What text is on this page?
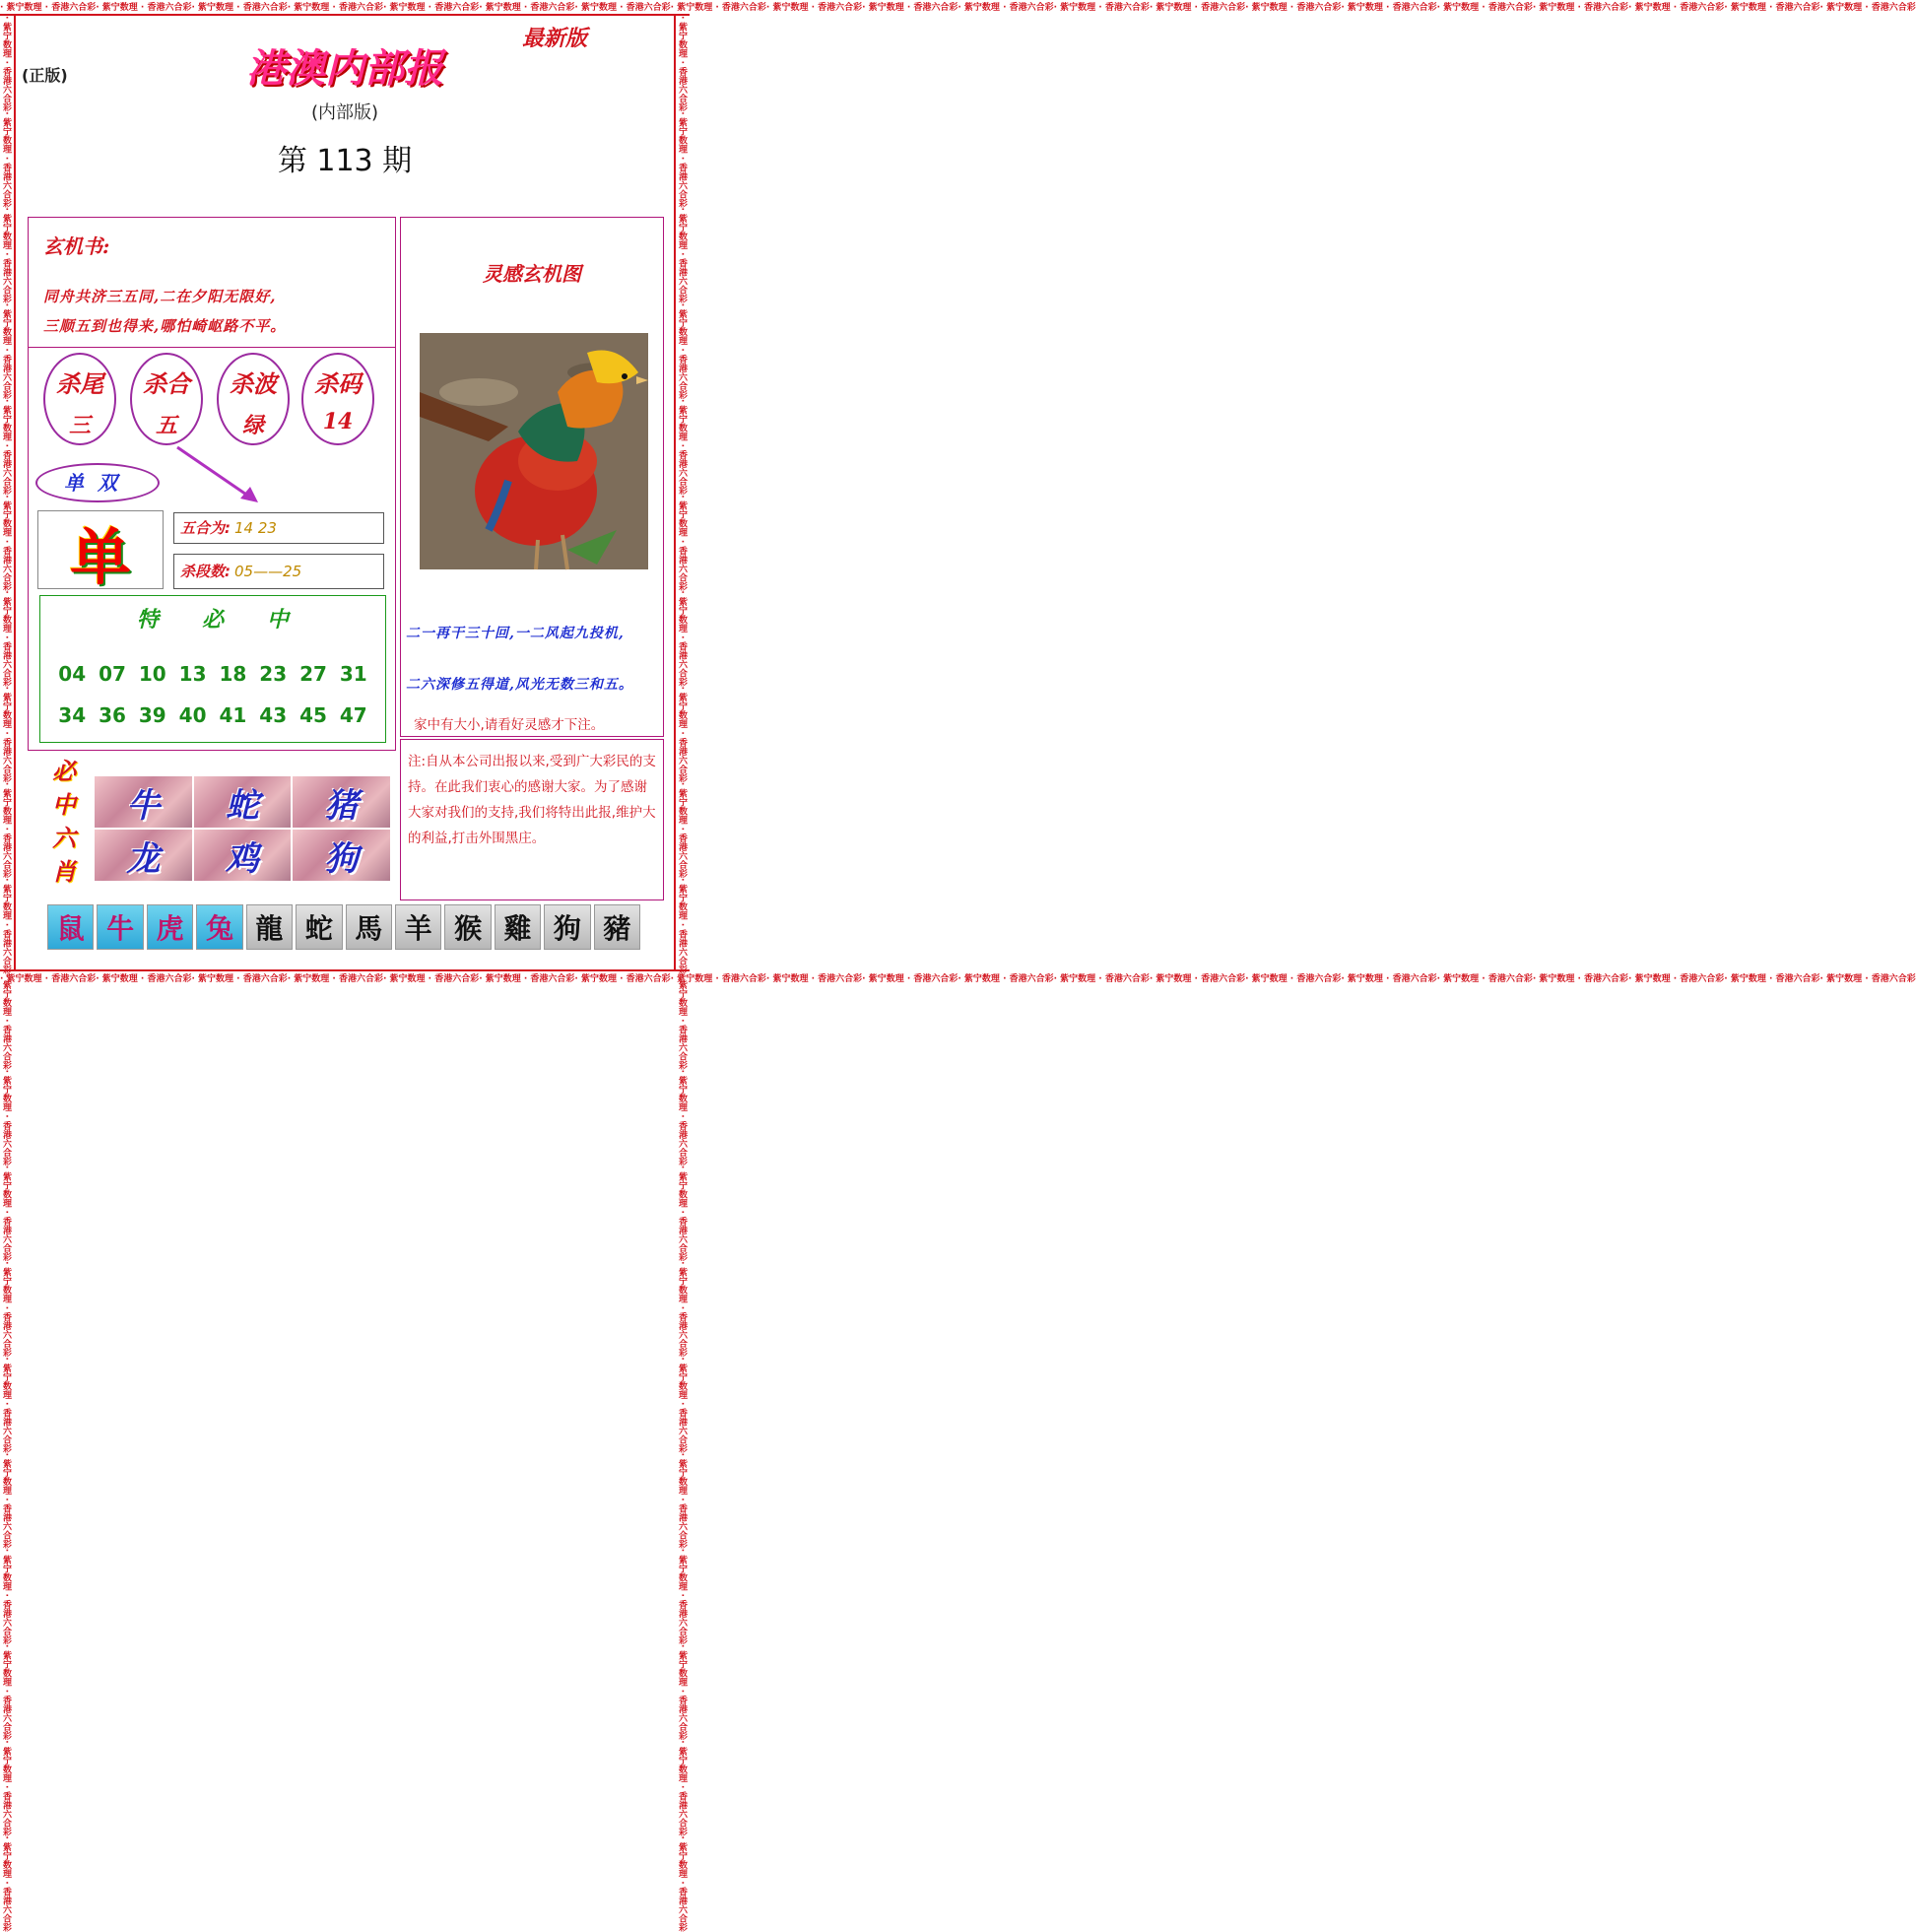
· 紫宁数理 · 香港六合彩· 紫宁数理 · 香港六合彩· 紫宁数理 · 香港六合彩· 紫宁数理 · 香港六合彩· 紫宁数理 · 香港六合彩· 紫宁数理 · 香港六合彩· 紫宁数理 · 香港六合彩· 紫宁数理 · 香港六合彩· 紫宁数理 · 香港六合彩· 紫宁数理 · 香港六合彩· 紫宁数理 · 香港六合彩· 紫宁数理 · 香港六合彩· 紫宁数理 · 香港六合彩· 紫宁数理 · 香港六合彩· 紫宁数理 · 香港六合彩· 紫宁数理 · 香港六合彩· 紫宁数理 · 香港六合彩· 紫宁数理 · 香港六合彩· 紫宁数理 · 香港六合彩· 紫宁数理 · 香港六合彩
· 紫宁数理 · 香港六合彩· 紫宁数理 · 香港六合彩· 紫宁数理 · 香港六合彩· 紫宁数理 · 香港六合彩· 紫宁数理 · 香港六合彩· 紫宁数理 · 香港六合彩· 紫宁数理 · 香港六合彩· 紫宁数理 · 香港六合彩· 紫宁数理 · 香港六合彩· 紫宁数理 · 香港六合彩· 紫宁数理 · 香港六合彩· 紫宁数理 · 香港六合彩· 紫宁数理 · 香港六合彩· 紫宁数理 · 香港六合彩· 紫宁数理 · 香港六合彩· 紫宁数理 · 香港六合彩· 紫宁数理 · 香港六合彩· 紫宁数理 · 香港六合彩· 紫宁数理 · 香港六合彩· 紫宁数理 · 香港六合彩
· 紫宁数理 · 香港六合彩· 紫宁数理 · 香港六合彩· 紫宁数理 · 香港六合彩· 紫宁数理 · 香港六合彩· 紫宁数理 · 香港六合彩· 紫宁数理 · 香港六合彩· 紫宁数理 · 香港六合彩· 紫宁数理 · 香港六合彩· 紫宁数理 · 香港六合彩· 紫宁数理 · 香港六合彩· 紫宁数理 · 香港六合彩· 紫宁数理 · 香港六合彩· 紫宁数理 · 香港六合彩· 紫宁数理 · 香港六合彩· 紫宁数理 · 香港六合彩· 紫宁数理 · 香港六合彩· 紫宁数理 · 香港六合彩· 紫宁数理 · 香港六合彩· 紫宁数理 · 香港六合彩· 紫宁数理 · 香港六合彩	· 紫宁数理 · 香港六合彩· 紫宁数理 · 香港六合彩· 紫宁数理 · 香港六合彩· 紫宁数理 · 香港六合彩· 紫宁数理 · 香港六合彩· 紫宁数理 · 香港六合彩· 紫宁数理 · 香港六合彩· 紫宁数理 · 香港六合彩· 紫宁数理 · 香港六合彩· 紫宁数理 · 香港六合彩· 紫宁数理 · 香港六合彩· 紫宁数理 · 香港六合彩· 紫宁数理 · 香港六合彩· 紫宁数理 · 香港六合彩· 紫宁数理 · 香港六合彩· 紫宁数理 · 香港六合彩· 紫宁数理 · 香港六合彩· 紫宁数理 · 香港六合彩· 紫宁数理 · 香港六合彩· 紫宁数理 · 香港六合彩
(正版)	港澳内部报
最新版
(内部版)
第 113 期
玄机书:
同舟共济三五同,二在夕阳无限好,
三顺五到也得来,哪怕崎岖路不平。
杀尾
三
杀合
五
杀波
绿
杀码
14
单双
单	五合为: 14 23
杀段数: 05——25
特必中
04 07 10 13 18 23 27 31
34 36 39 40 41 43 45 47
必中六肖
牛	蛇	猪
龙	鸡	狗
灵感玄机图
二一再干三十回,一二风起九投机,
二六深修五得道,风光无数三和五。
家中有大小,请看好灵感才下注。
注:自从本公司出报以来,受到广大彩民的支持。在此我们衷心的感谢大家。为了感谢大家对我们的支持,我们将特出此报,维护大的利益,打击外围黑庄。
鼠 牛 虎 兔 龍 蛇 馬 羊 猴 雞 狗 豬
